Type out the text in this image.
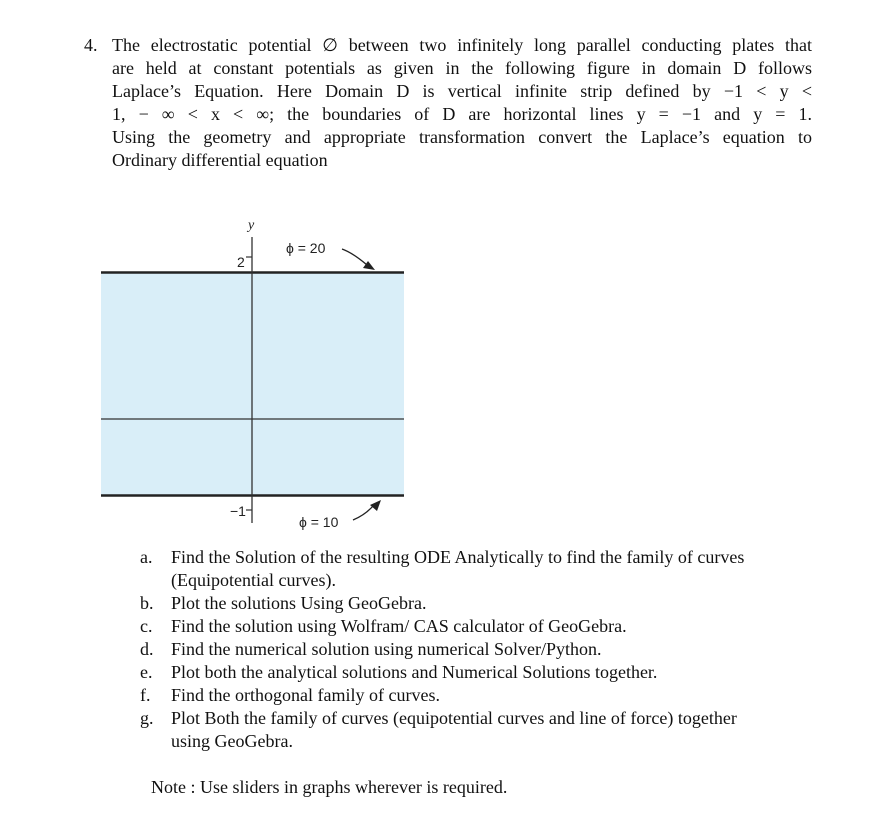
4. The electrostatic potential ∅ between two infinitely long parallel conducting plates that
are held at constant potentials as given in the following figure in domain D follows
Laplace’s Equation. Here Domain D is vertical infinite strip defined by −1 < y <
1, − ∞ < x < ∞; the boundaries of D are horizontal lines y = −1 and y = 1.
Using the geometry and appropriate transformation convert the Laplace’s equation to
Ordinary differential equation
y
2
−1
ϕ = 20
ϕ = 10
a. Find the Solution of the resulting ODE Analytically to find the family of curves
(Equipotential curves).
b. Plot the solutions Using GeoGebra.
c. Find the solution using Wolfram/ CAS calculator of GeoGebra.
d. Find the numerical solution using numerical Solver/Python.
e. Plot both the analytical solutions and Numerical Solutions together.
f. Find the orthogonal family of curves.
g. Plot Both the family of curves (equipotential curves and line of force) together
using GeoGebra.
Note : Use sliders in graphs wherever is required.
